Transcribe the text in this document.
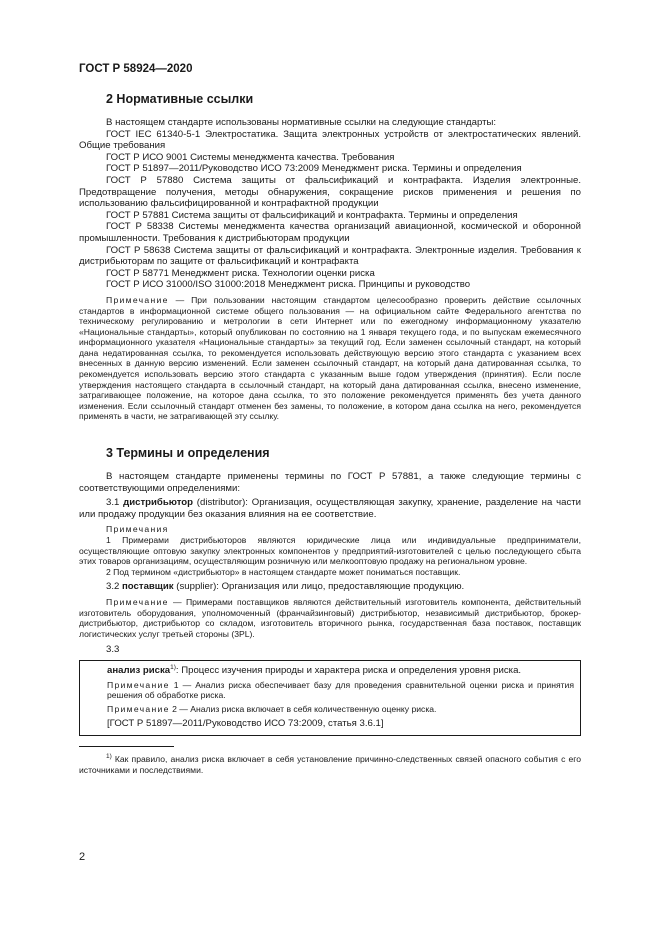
ГОСТ Р 58924—2020
2 Нормативные ссылки

В настоящем стандарте использованы нормативные ссылки на следующие стандарты:

ГОСТ IEC 61340-5-1 Электростатика. Защита электронных устройств от электростатических явлений. Общие требования

ГОСТ Р ИСО 9001 Системы менеджмента качества. Требования

ГОСТ Р 51897—2011/Руководство ИСО 73:2009 Менеджмент риска. Термины и определения

ГОСТ Р 57880 Система защиты от фальсификаций и контрафакта. Изделия электронные. Предотвращение получения, методы обнаружения, сокращение рисков применения и решения по использованию фальсифицированной и контрафактной продукции

ГОСТ Р 57881 Система защиты от фальсификаций и контрафакта. Термины и определения

ГОСТ Р 58338 Системы менеджмента качества организаций авиационной, космической и оборонной промышленности. Требования к дистрибьюторам продукции

ГОСТ Р 58638 Система защиты от фальсификаций и контрафакта. Электронные изделия. Требования к дистрибьюторам по защите от фальсификаций и контрафакта

ГОСТ Р 58771 Менеджмент риска. Технологии оценки риска

ГОСТ Р ИСО 31000/ISO 31000:2018 Менеджмент риска. Принципы и руководство

Примечание — При пользовании настоящим стандартом целесообразно проверить действие ссылочных стандартов в информационной системе общего пользования — на официальном сайте Федерального агентства по техническому регулированию и метрологии в сети Интернет или по ежегодному информационному указателю «Национальные стандарты», который опубликован по состоянию на 1 января текущего года, и по выпускам ежемесячного информационного указателя «Национальные стандарты» за текущий год. Если заменен ссылочный стандарт, на который дана недатированная ссылка, то рекомендуется использовать действующую версию этого стандарта с указанием всех внесенных в данную версию изменений. Если заменен ссылочный стандарт, на который дана датированная ссылка, то рекомендуется использовать версию этого стандарта с указанным выше годом утверждения (принятия). Если после утверждения настоящего стандарта в ссылочный стандарт, на который дана датированная ссылка, внесено изменение, затрагивающее положение, на которое дана ссылка, то это положение рекомендуется применять без учета данного изменения. Если ссылочный стандарт отменен без замены, то положение, в котором дана ссылка на него, рекомендуется применять в части, не затрагивающей эту ссылку.

3 Термины и определения

В настоящем стандарте применены термины по ГОСТ Р 57881, а также следующие термины с соответствующими определениями:

3.1 дистрибьютор (distributor): Организация, осуществляющая закупку, хранение, разделение на части или продажу продукции без оказания влияния на ее соответствие.

Примечания

1 Примерами дистрибьюторов являются юридические лица или индивидуальные предприниматели, осуществляющие оптовую закупку электронных компонентов у предприятий-изготовителей с целью последующего сбыта этих товаров организациям, осуществляющим розничную или мелкооптовую продажу на региональном уровне.

2 Под термином «дистрибьютор» в настоящем стандарте может пониматься поставщик.

3.2 поставщик (supplier): Организация или лицо, предоставляющие продукцию.

Примечание — Примерами поставщиков являются действительный изготовитель компонента, действительный изготовитель оборудования, уполномоченный (франчайзинговый) дистрибьютор, независимый дистрибьютор, брокер-дистрибьютор, дистрибьютор со складом, изготовитель вторичного рынка, государственная база поставок, поставщик логистических услуг третьей стороны (3PL).

3.3

анализ риска$^{1)}$: Процесс изучения природы и характера риска и определения уровня риска.

Примечание 1 — Анализ риска обеспечивает базу для проведения сравнительной оценки риска и принятия решения об обработке риска.

Примечание 2 — Анализ риска включает в себя количественную оценку риска.

[ГОСТ Р 51897—2011/Руководство ИСО 73:2009, статья 3.6.1]

$^{1)}$ Как правило, анализ риска включает в себя установление причинно-следственных связей опасного события с его источниками и последствиями.

2
